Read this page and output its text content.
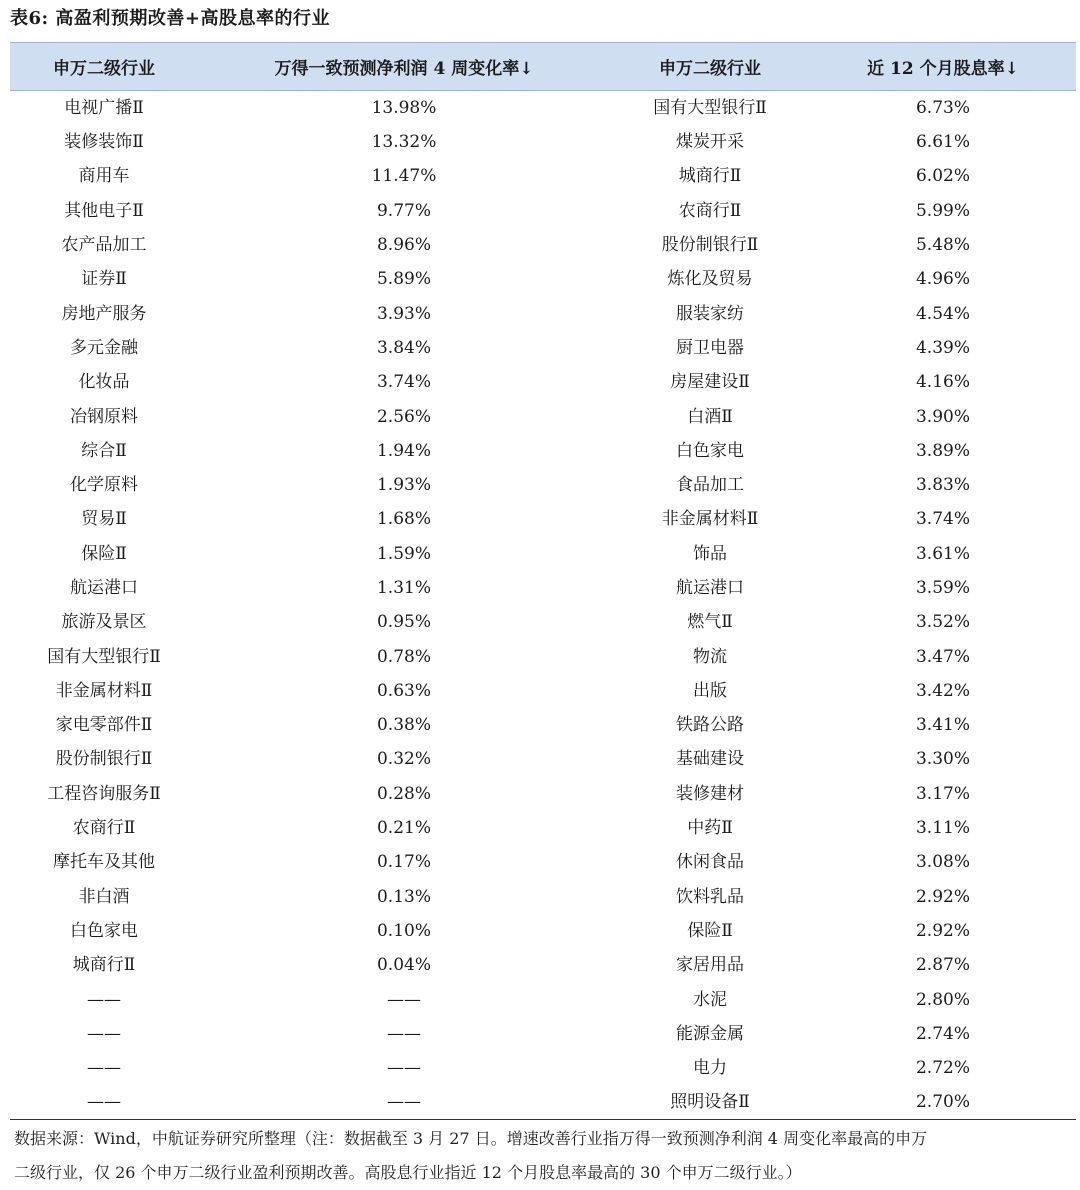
表6: 高盈利预期改善+高股息率的行业
申万二级行业	万得一致预测净利润 4 周变化率↓	申万二级行业	近 12 个月股息率↓
电视广播Ⅱ	13.98%	国有大型银行Ⅱ	6.73%
装修装饰Ⅱ	13.32%	煤炭开采	6.61%
商用车	11.47%	城商行Ⅱ	6.02%
其他电子Ⅱ	9.77%	农商行Ⅱ	5.99%
农产品加工	8.96%	股份制银行Ⅱ	5.48%
证券Ⅱ	5.89%	炼化及贸易	4.96%
房地产服务	3.93%	服装家纺	4.54%
多元金融	3.84%	厨卫电器	4.39%
化妆品	3.74%	房屋建设Ⅱ	4.16%
冶钢原料	2.56%	白酒Ⅱ	3.90%
综合Ⅱ	1.94%	白色家电	3.89%
化学原料	1.93%	食品加工	3.83%
贸易Ⅱ	1.68%	非金属材料Ⅱ	3.74%
保险Ⅱ	1.59%	饰品	3.61%
航运港口	1.31%	航运港口	3.59%
旅游及景区	0.95%	燃气Ⅱ	3.52%
国有大型银行Ⅱ	0.78%	物流	3.47%
非金属材料Ⅱ	0.63%	出版	3.42%
家电零部件Ⅱ	0.38%	铁路公路	3.41%
股份制银行Ⅱ	0.32%	基础建设	3.30%
工程咨询服务Ⅱ	0.28%	装修建材	3.17%
农商行Ⅱ	0.21%	中药Ⅱ	3.11%
摩托车及其他	0.17%	休闲食品	3.08%
非白酒	0.13%	饮料乳品	2.92%
白色家电	0.10%	保险Ⅱ	2.92%
城商行Ⅱ	0.04%	家居用品	2.87%
——	——	水泥	2.80%
——	——	能源金属	2.74%
——	——	电力	2.72%
——	——	照明设备Ⅱ	2.70%
数据来源：Wind，中航证券研究所整理（注：数据截至 3 月 27 日。增速改善行业指万得一致预测净利润 4 周变化率最高的申万
二级行业，仅 26 个申万二级行业盈利预期改善。高股息行业指近 12 个月股息率最高的 30 个申万二级行业。）
